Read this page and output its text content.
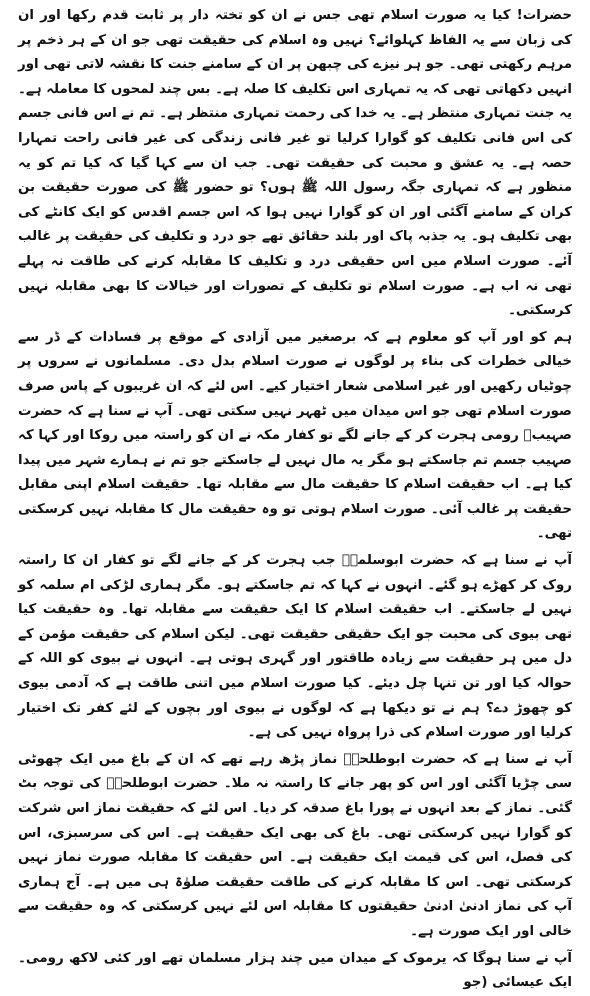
حضرات! کیا یہ صورت اسلام تھی جس نے ان کو تختہ دار پر ثابت قدم رکھا اور ان کی زبان سے یہ الفاظ کہلوائے؟ نہیں وہ اسلام کی حقیقت تھی جو ان کے ہر ذخم پر مرہم رکھتی تھی۔ جو ہر نیزے کی چبھن پر ان کے سامنے جنت کا نقشہ لاتی تھی اور انہیں دکھاتی تھی کہ یہ تمہاری اس تکلیف کا صلہ ہے۔ بس چند لمحوں کا معاملہ ہے۔ یہ جنت تمہاری منتظر ہے۔ یہ خدا کی رحمت تمہاری منتظر ہے۔ تم نے اس فانی جسم کی اس فانی تکلیف کو گوارا کرلیا تو غیر فانی زندگی کی غیر فانی راحت تمہارا حصہ ہے۔ یہ عشق و محبت کی حقیقت تھی۔ جب ان سے کہا گیا کہ کیا تم کو یہ منظور ہے کہ تمہاری جگہ رسول اللہ ﷺ ہوں؟ تو حضور ﷺ کی صورت حقیقت بن کران کے سامنے آگئی اور ان کو گوارا نہیں ہوا کہ اس جسم اقدس کو ایک کانٹے کی بھی تکلیف ہو۔ یہ جذبہ پاک اور بلند حقائق تھے جو درد و تکلیف کی حقیقت پر غالب آئے۔ صورت اسلام میں اس حقیقی درد و تکلیف کا مقابلہ کرنے کی طاقت نہ پہلے تھی نہ اب ہے۔ صورت اسلام تو تکلیف کے تصورات اور خیالات کا بھی مقابلہ نہیں کرسکتی۔

ہم کو اور آپ کو معلوم ہے کہ برصغیر میں آزادی کے موقع پر فسادات کے ڈر سے خیالی خطرات کی بناء پر لوگوں نے صورت اسلام بدل دی۔ مسلمانوں نے سروں پر چوٹیاں رکھیں اور غیر اسلامی شعار اختیار کیے۔ اس لئے کہ ان غریبوں کے پاس صرف صورت اسلام تھی جو اس میدان میں ٹھہر نہیں سکتی تھی۔ آپ نے سنا ہے کہ حضرت صہیبؓ رومی ہجرت کر کے جانے لگے تو کفار مکہ نے ان کو راستہ میں روکا اور کہا کہ صہیب جسم تم جاسکتے ہو مگر یہ مال نہیں لے جاسکتے جو تم نے ہمارے شہر میں پیدا کیا ہے۔ اب حقیقت اسلام کا حقیقت مال سے مقابلہ تھا۔ حقیقت اسلام اپنی مقابل حقیقت پر غالب آئی۔ صورت اسلام ہوتی تو وہ حقیقت مال کا مقابلہ نہیں کرسکتی تھی۔

آپ نے سنا ہے کہ حضرت ابوسلمہؓ جب ہجرت کر کے جانے لگے تو کفار ان کا راستہ روک کر کھڑے ہو گئے۔ انہوں نے کہا کہ تم جاسکتے ہو۔ مگر ہماری لڑکی ام سلمہ کو نہیں لے جاسکتے۔ اب حقیقت اسلام کا ایک حقیقت سے مقابلہ تھا۔ وہ حقیقت کیا تھی بیوی کی محبت جو ایک حقیقی حقیقت تھی۔ لیکن اسلام کی حقیقت مؤمن کے دل میں ہر حقیقت سے زیادہ طاقتور اور گہری ہوتی ہے۔ انہوں نے بیوی کو اللہ کے حوالہ کیا اور تن تنہا چل دیئے۔ کیا صورت اسلام میں اتنی طاقت ہے کہ آدمی بیوی کو چھوڑ دے؟ ہم نے تو دیکھا ہے کہ لوگوں نے بیوی اور بچوں کے لئے کفر تک اختیار کرلیا اور صورت اسلام کی ذرا پرواہ نہیں کی ہے۔

آپ نے سنا ہے کہ حضرت ابوطلحہؓ نماز پڑھ رہے تھے کہ ان کے باغ میں ایک چھوٹی سی چڑیا آگئی اور اس کو پھر جانے کا راستہ نہ ملا۔ حضرت ابوطلحہؓ کی توجہ بٹ گئی۔ نماز کے بعد انہوں نے پورا باغ صدقہ کر دیا۔ اس لئے کہ حقیقت نماز اس شرکت کو گوارا نہیں کرسکتی تھی۔ باغ کی بھی ایک حقیقت ہے۔ اس کی سرسبزی، اس کی فصل، اس کی قیمت ایک حقیقت ہے۔ اس حقیقت کا مقابلہ صورت نماز نہیں کرسکتی تھی۔ اس کا مقابلہ کرنے کی طاقت حقیقت صلوٰۃ ہی میں ہے۔ آج ہماری آپ کی نماز ادنیٰ ادنیٰ حقیقتوں کا مقابلہ اس لئے نہیں کرسکتی کہ وہ حقیقت سے خالی اور ایک صورت ہے۔

آپ نے سنا ہوگا کہ یرموک کے میدان میں چند ہزار مسلمان تھے اور کئی لاکھ رومی۔ ایک عیسائی (جو
